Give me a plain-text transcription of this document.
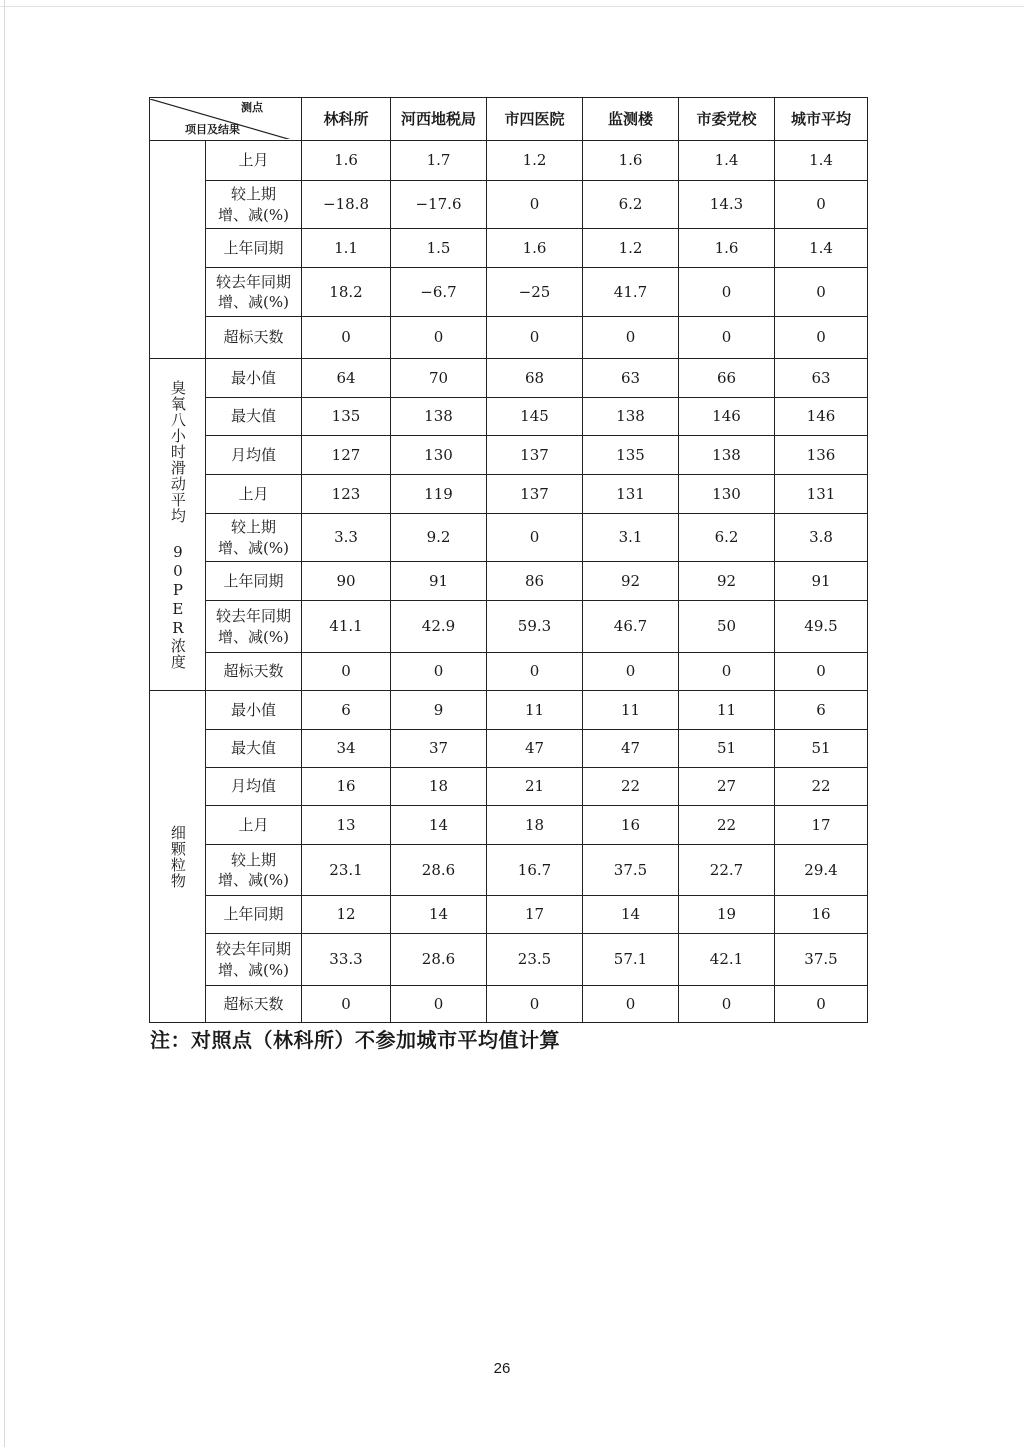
测点
项目及结果		林科所	河西地税局	市四医院	监测楼	市委党校	城市平均
	上月	1.6	1.7	1.2	1.6	1.4	1.4
	较上期
增、减(%)	−18.8	−17.6	0	6.2	14.3	0
	上年同期	1.1	1.5	1.6	1.2	1.6	1.4
	较去年同期
增、减(%)	18.2	−6.7	−25	41.7	0	0
	超标天数	0	0	0	0	0	0
臭氧八小时滑动平均 90PER浓度	最小值	64	70	68	63	66	63
	最大值	135	138	145	138	146	146
	月均值	127	130	137	135	138	136
	上月	123	119	137	131	130	131
	较上期
增、减(%)	3.3	9.2	0	3.1	6.2	3.8
	上年同期	90	91	86	92	92	91
	较去年同期
增、减(%)	41.1	42.9	59.3	46.7	50	49.5
	超标天数	0	0	0	0	0	0
细颗粒物	最小值	6	9	11	11	11	6
	最大值	34	37	47	47	51	51
	月均值	16	18	21	22	27	22
	上月	13	14	18	16	22	17
	较上期
增、减(%)	23.1	28.6	16.7	37.5	22.7	29.4
	上年同期	12	14	17	14	19	16
	较去年同期
增、减(%)	33.3	28.6	23.5	57.1	42.1	37.5
	超标天数	0	0	0	0	0	0
注：对照点（林科所）不参加城市平均值计算
26
